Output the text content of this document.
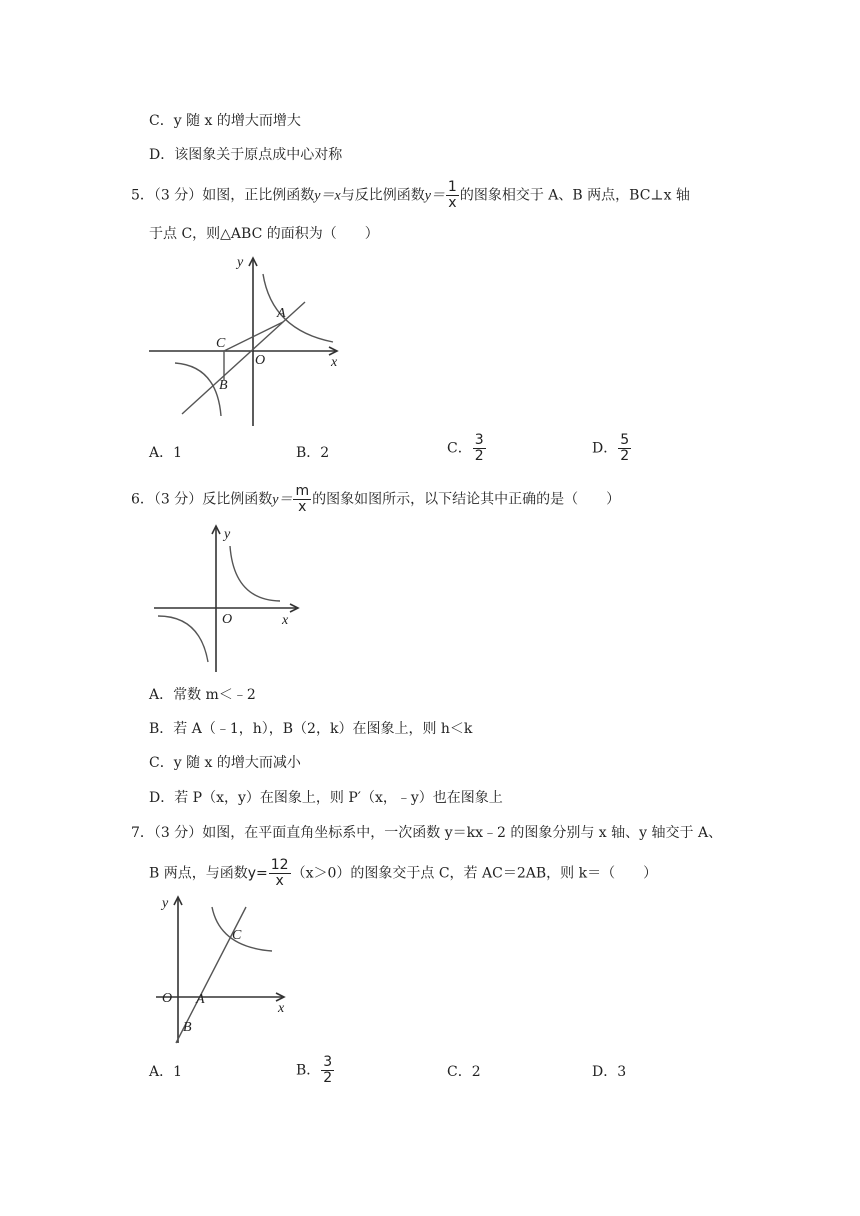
C．y 随 x 的增大而增大
D．该图象关于原点成中心对称
5．（3 分）如图，正比例函数y＝x与反比例函数$y= \frac{1}{x}$ 的图象相交于 A、B 两点，BC⊥x 轴
于点 C，则△ABC 的面积为（　　）
y
x
A
C
O
B
A．1	B．2	C． $\frac{3}{2}$	D． $\frac{5}{2}$
6．（3 分）反比例函数$y= \frac{m}{x}$ 的图象如图所示，以下结论其中正确的是（　　）
y
x
O
A．常数 m＜﹣2
B．若 A（﹣1，h），B（2，k）在图象上，则 h＜k
C．y 随 x 的增大而减小
D．若 P（x，y）在图象上，则 P′（x，﹣y）也在图象上
7．（3 分）如图，在平面直角坐标系中，一次函数 y＝kx﹣2 的图象分别与 x 轴、y 轴交于 A、
B 两点，与函数$y= \frac{12}{x} (x>0)$的图象交于点 C，若 AC＝2AB，则 k＝（　　）
y
x
O A
B
C
A．1	B． $\frac{3}{2}$	C．2	D．3
